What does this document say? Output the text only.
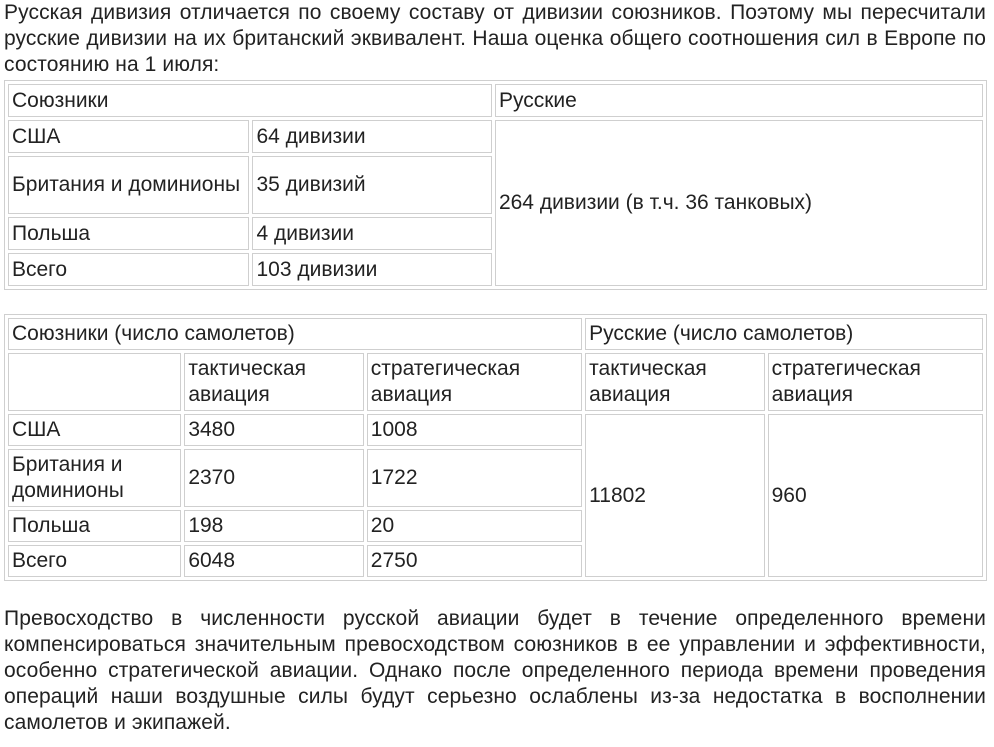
Русская дивизия отличается по своему составу от дивизии союзников. Поэтому мы пересчитали русские дивизии на их британский эквивалент. Наша оценка общего соотношения сил в Европе по состоянию на 1 июля:

Союзники		Русские
США	64 дивизии	264 дивизии (в т.ч. 36 танковых)
Британия и доминионы	35 дивизий	
Польша	4 дивизии	
Всего	103 дивизии	
Союзники (число самолетов)			Русские (число самолетов)	
	тактическая авиация	стратегическая авиация	тактическая авиация	стратегическая авиация
США	3480	1008	11802	960
Британия и доминионы	2370	1722		
Польша	198	20		
Всего	6048	2750		

Превосходство в численности русской авиации будет в течение определенного времени компенсироваться значительным превосходством союзников в ее управлении и эффективности, особенно стратегической авиации. Однако после определенного периода времени проведения операций наши воздушные силы будут серьезно ослаблены из-за недостатка в восполнении самолетов и экипажей.
